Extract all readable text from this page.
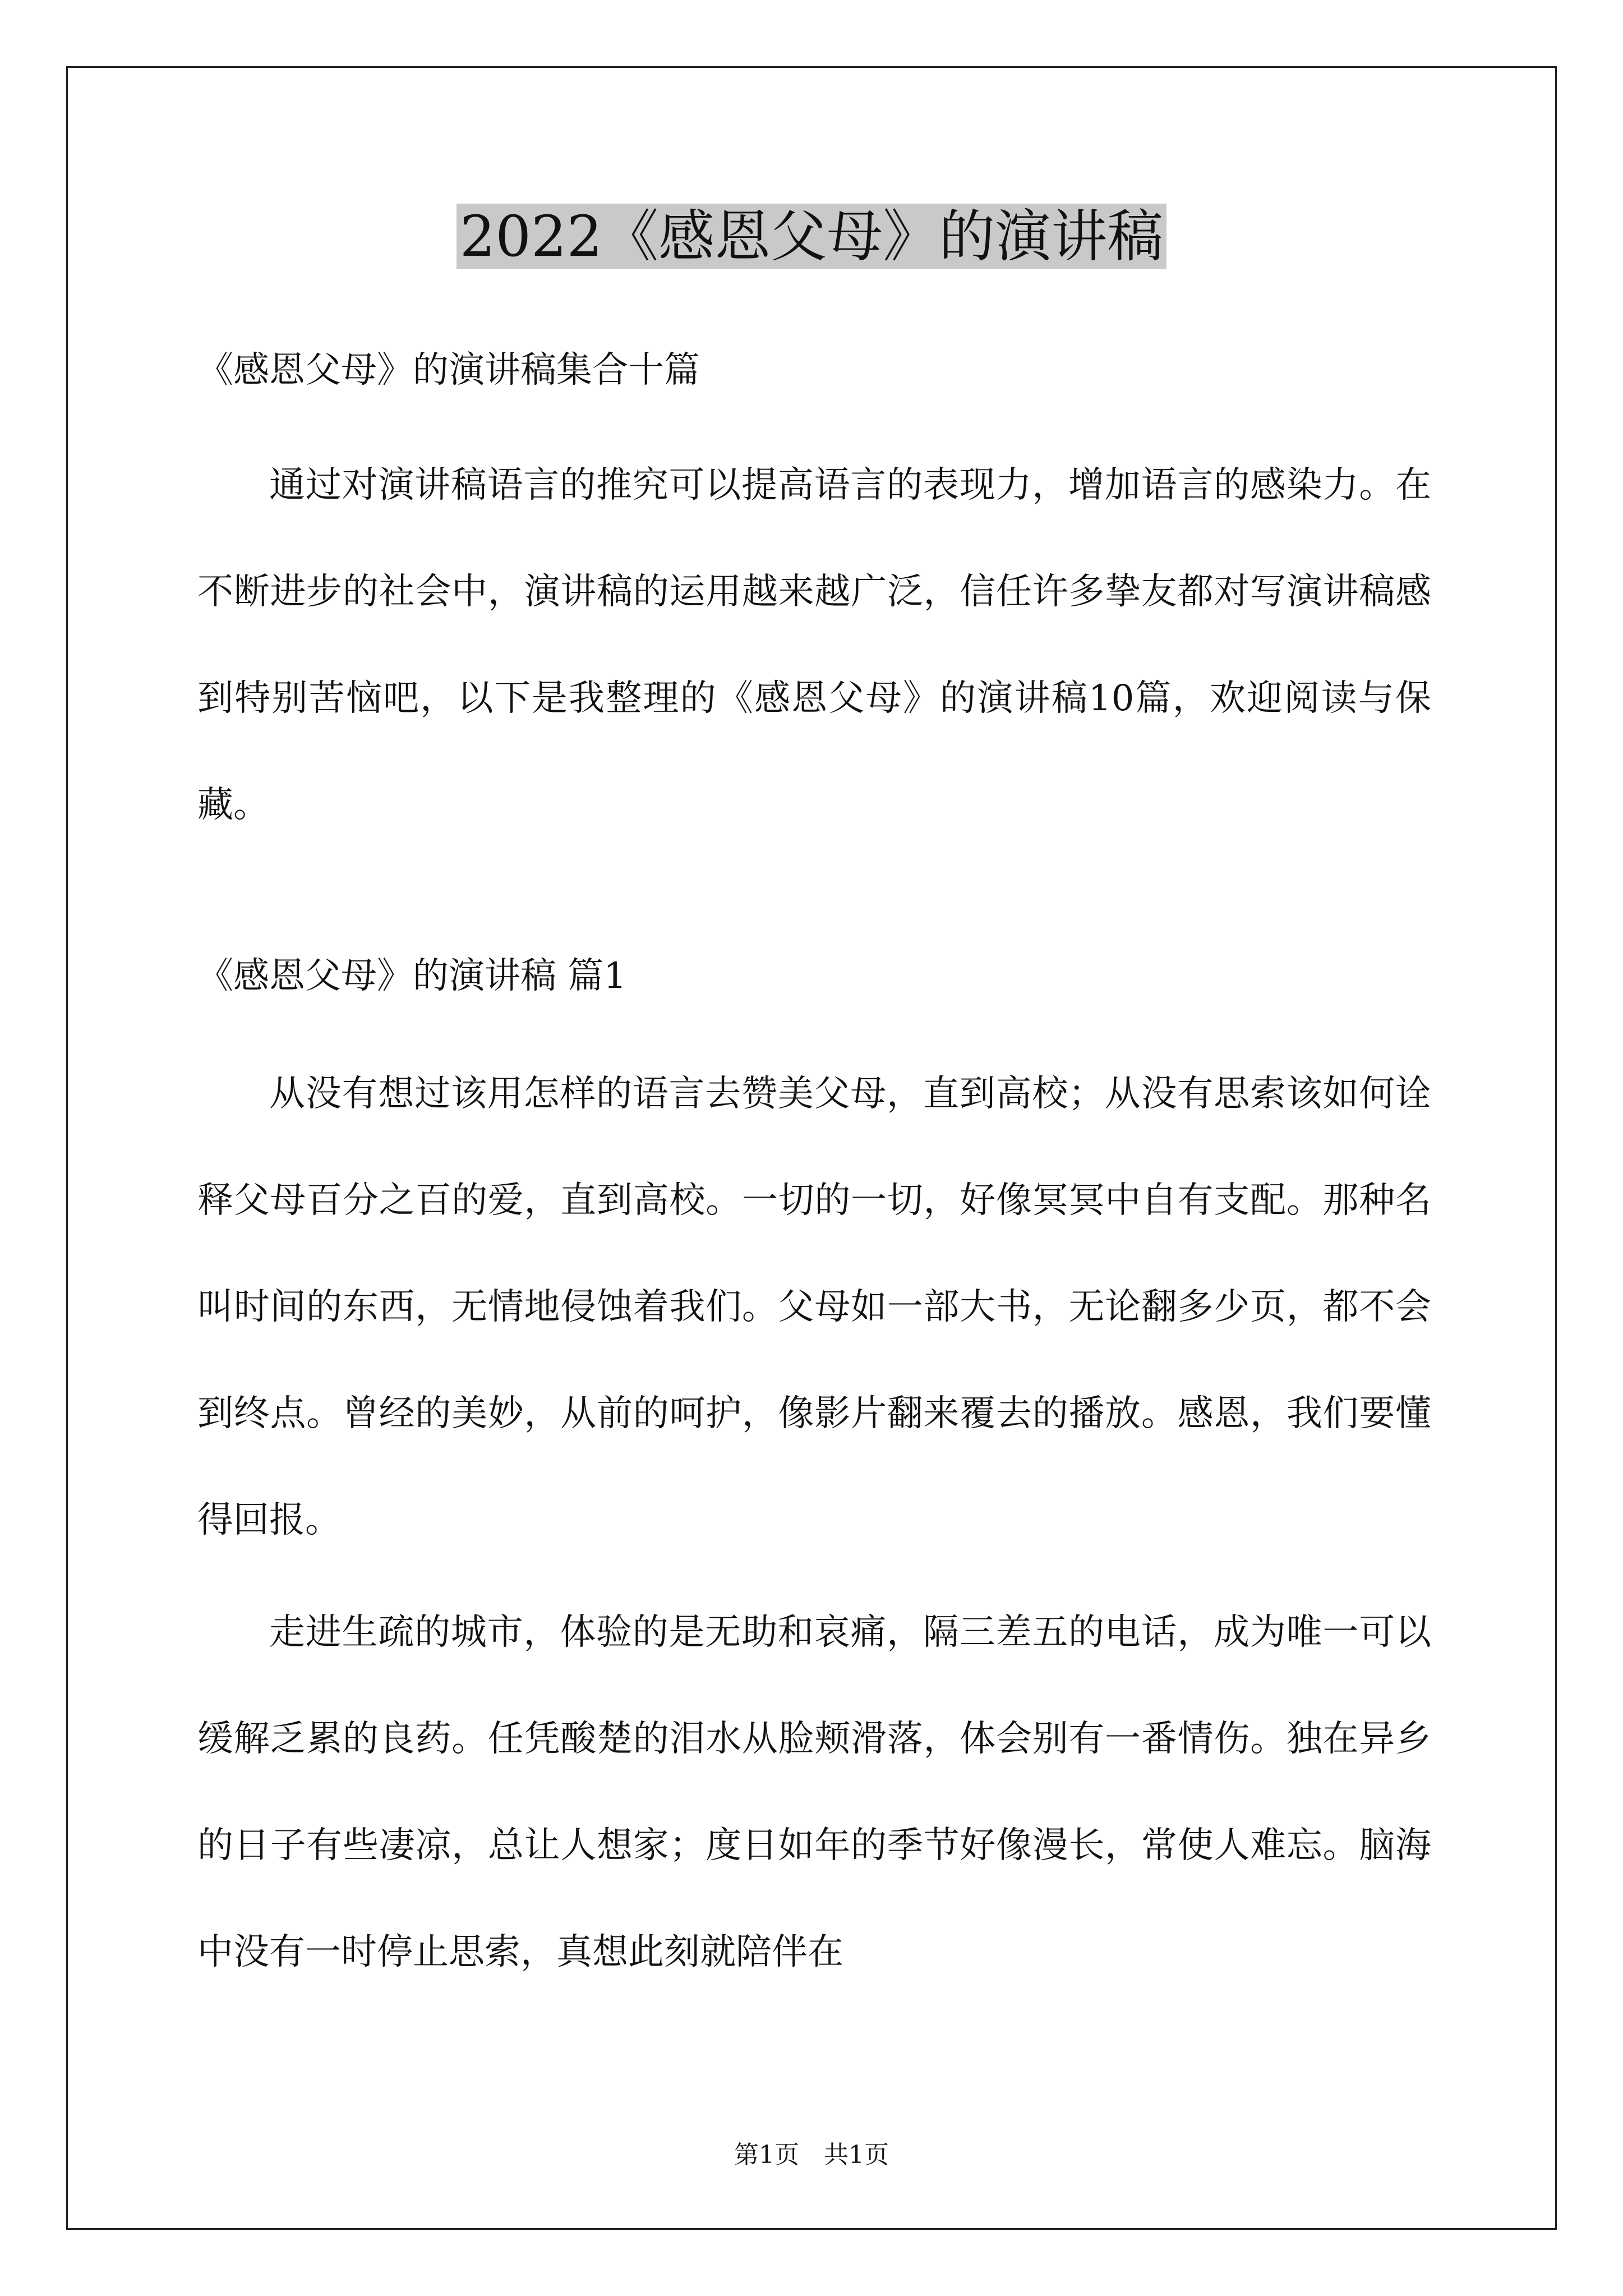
2022《感恩父母》的演讲稿
《感恩父母》的演讲稿集合十篇

通过对演讲稿语言的推究可以提高语言的表现力，增加语言的感染力。在不断进步的社会中，演讲稿的运用越来越广泛，信任许多挚友都对写演讲稿感到特别苦恼吧，以下是我整理的《感恩父母》的演讲稿10篇，欢迎阅读与保藏。

《感恩父母》的演讲稿 篇1

从没有想过该用怎样的语言去赞美父母，直到高校；从没有思索该如何诠释父母百分之百的爱，直到高校。一切的一切，好像冥冥中自有支配。那种名叫时间的东西，无情地侵蚀着我们。父母如一部大书，无论翻多少页，都不会到终点。曾经的美妙，从前的呵护，像影片翻来覆去的播放。感恩，我们要懂得回报。

走进生疏的城市，体验的是无助和哀痛，隔三差五的电话，成为唯一可以缓解乏累的良药。任凭酸楚的泪水从脸颊滑落，体会别有一番情伤。独在异乡的日子有些凄凉，总让人想家；度日如年的季节好像漫长，常使人难忘。脑海中没有一时停止思索，真想此刻就陪伴在

第1页　共1页
